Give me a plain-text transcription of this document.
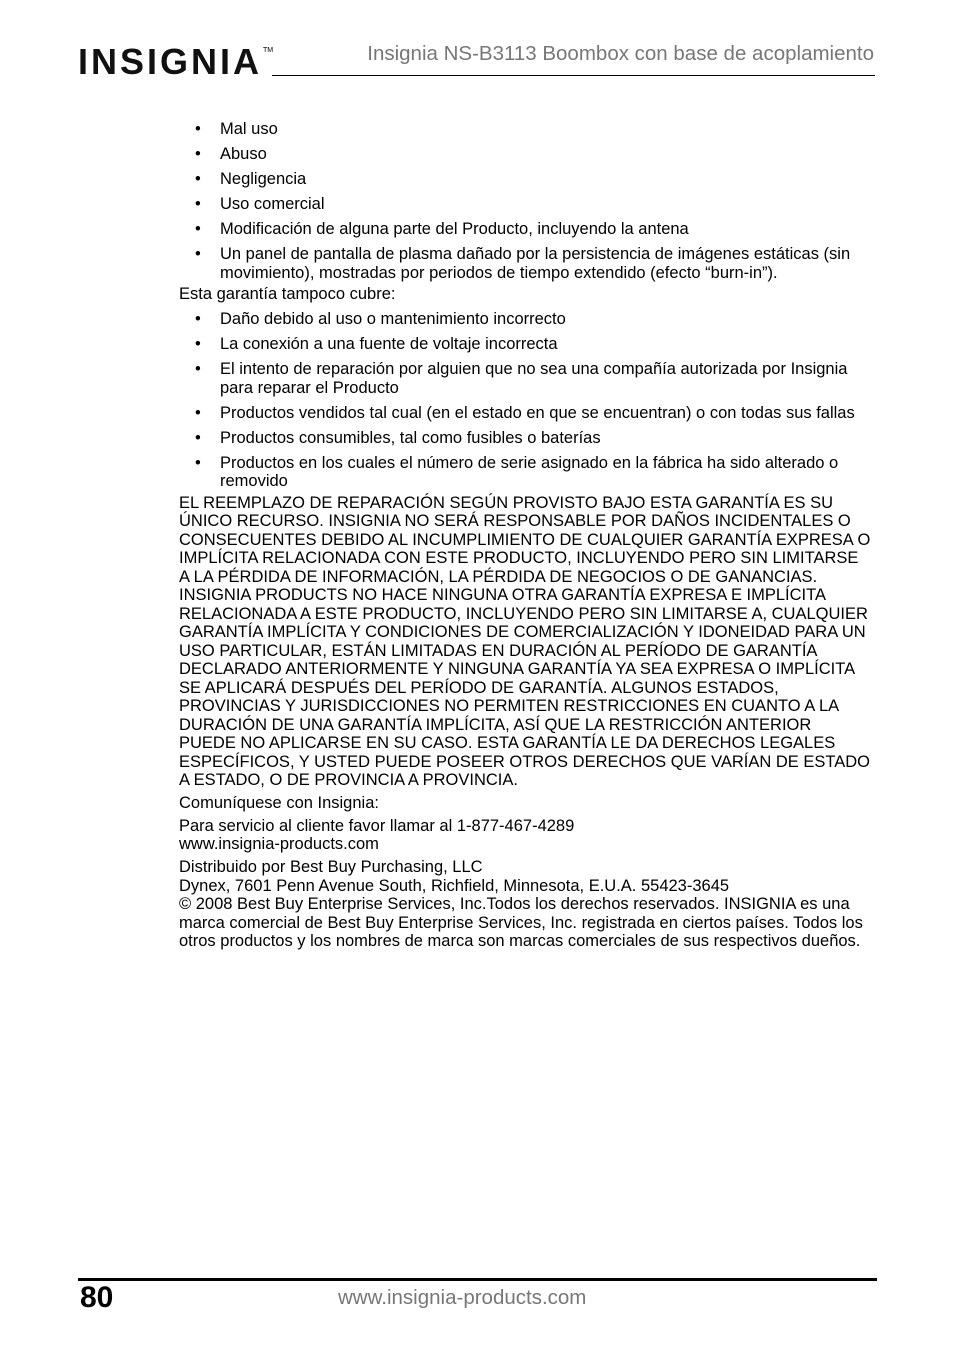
INSIGNIA TM	Insignia NS-B3113 Boombox con base de acoplamiento
• Mal uso
• Abuso
• Negligencia
• Uso comercial
• Modificación de alguna parte del Producto, incluyendo la antena
• Un panel de pantalla de plasma dañado por la persistencia de imágenes estáticas (sin movimiento), mostradas por periodos de tiempo extendido (efecto “burn-in”).

Esta garantía tampoco cubre:

• Daño debido al uso o mantenimiento incorrecto
• La conexión a una fuente de voltaje incorrecta
• El intento de reparación por alguien que no sea una compañía autorizada por Insignia para reparar el Producto
• Productos vendidos tal cual (en el estado en que se encuentran) o con todas sus fallas
• Productos consumibles, tal como fusibles o baterías
• Productos en los cuales el número de serie asignado en la fábrica ha sido alterado o removido

EL REEMPLAZO DE REPARACIÓN SEGÚN PROVISTO BAJO ESTA GARANTÍA ES SU ÚNICO RECURSO. INSIGNIA NO SERÁ RESPONSABLE POR DAÑOS INCIDENTALES O CONSECUENTES DEBIDO AL INCUMPLIMIENTO DE CUALQUIER GARANTÍA EXPRESA O IMPLÍCITA RELACIONADA CON ESTE PRODUCTO, INCLUYENDO PERO SIN LIMITARSE A LA PÉRDIDA DE INFORMACIÓN, LA PÉRDIDA DE NEGOCIOS O DE GANANCIAS. INSIGNIA PRODUCTS NO HACE NINGUNA OTRA GARANTÍA EXPRESA E IMPLÍCITA RELACIONADA A ESTE PRODUCTO, INCLUYENDO PERO SIN LIMITARSE A, CUALQUIER GARANTÍA IMPLÍCITA Y CONDICIONES DE COMERCIALIZACIÓN Y IDONEIDAD PARA UN USO PARTICULAR, ESTÁN LIMITADAS EN DURACIÓN AL PERÍODO DE GARANTÍA DECLARADO ANTERIORMENTE Y NINGUNA GARANTÍA YA SEA EXPRESA O IMPLÍCITA SE APLICARÁ DESPUÉS DEL PERÍODO DE GARANTÍA. ALGUNOS ESTADOS, PROVINCIAS Y JURISDICCIONES NO PERMITEN RESTRICCIONES EN CUANTO A LA DURACIÓN DE UNA GARANTÍA IMPLÍCITA, ASÍ QUE LA RESTRICCIÓN ANTERIOR PUEDE NO APLICARSE EN SU CASO. ESTA GARANTÍA LE DA DERECHOS LEGALES ESPECÍFICOS, Y USTED PUEDE POSEER OTROS DERECHOS QUE VARÍAN DE ESTADO A ESTADO, O DE PROVINCIA A PROVINCIA.

Comuníquese con Insignia:
Para servicio al cliente favor llamar al 1-877-467-4289
www.insignia-products.com
Distribuido por Best Buy Purchasing, LLC
Dynex, 7601 Penn Avenue South, Richfield, Minnesota, E.U.A. 55423-3645
© 2008 Best Buy Enterprise Services, Inc.Todos los derechos reservados. INSIGNIA es una marca comercial de Best Buy Enterprise Services, Inc. registrada en ciertos países. Todos los otros productos y los nombres de marca son marcas comerciales de sus respectivos dueños.
80	www.insignia-products.com
